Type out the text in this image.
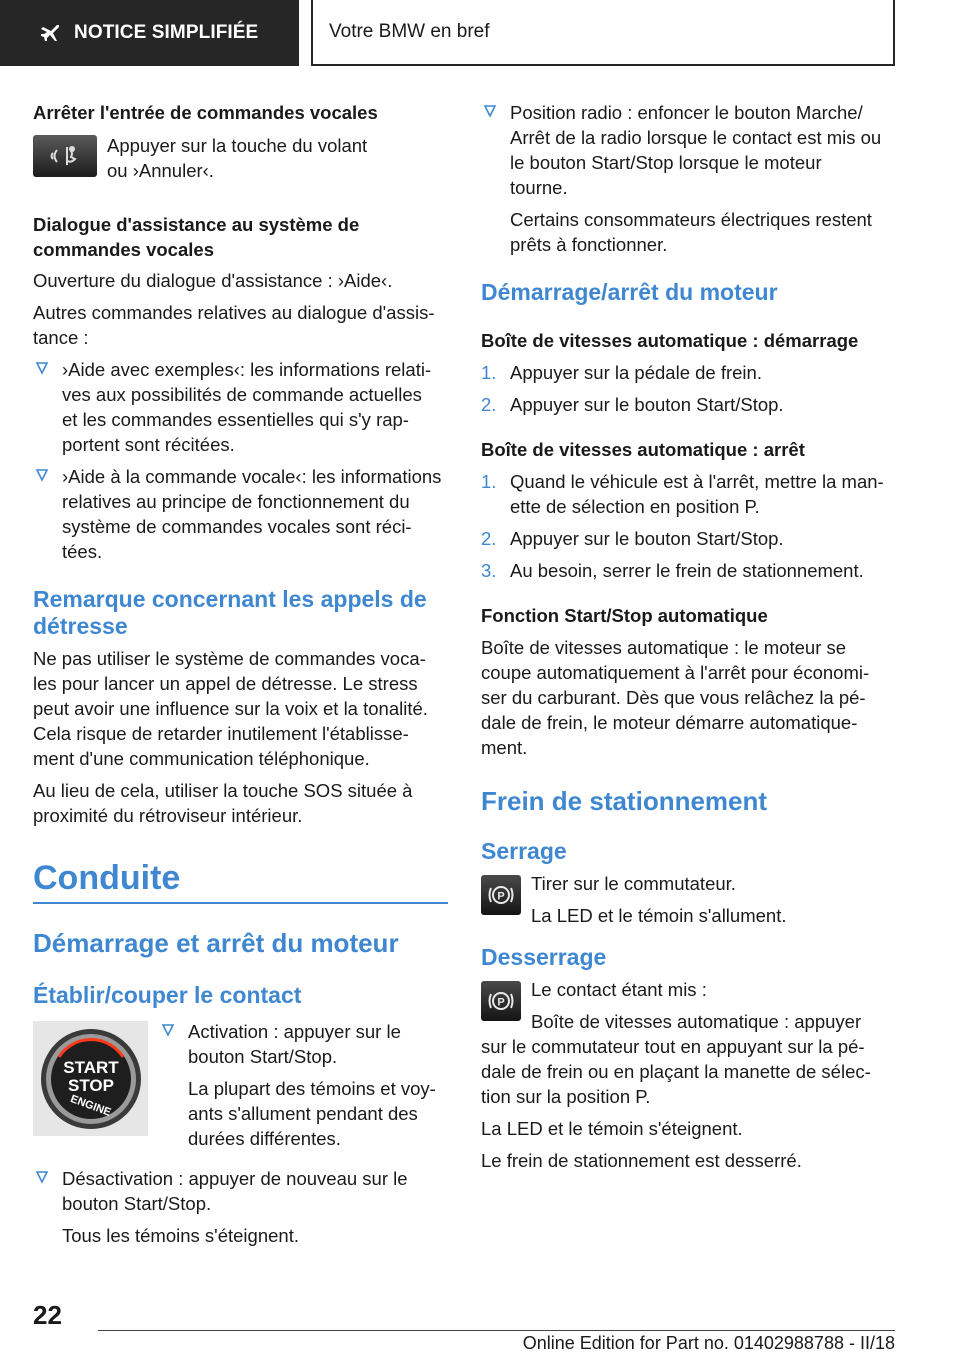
NOTICE SIMPLIFIÉE	Votre BMW en bref
Arrêter l'entrée de commandes vocales

Appuyer sur la touche du volant

ou ›Annuler‹.

Dialogue d'assistance au système de
commandes vocales

Ouverture du dialogue d'assistance : ›Aide‹.

Autres commandes relatives au dialogue d'assis-
tance :

›Aide avec exemples‹: les informations relati-
ves aux possibilités de commande actuelles
et les commandes essentielles qui s'y rap-
portent sont récitées.
›Aide à la commande vocale‹: les informations
relatives au principe de fonctionnement du
système de commandes vocales sont réci-
tées.
Remarque concernant les appels de
détresse

Ne pas utiliser le système de commandes voca-
les pour lancer un appel de détresse. Le stress
peut avoir une influence sur la voix et la tonalité.
Cela risque de retarder inutilement l'établisse-
ment d'une communication téléphonique.

Au lieu de cela, utiliser la touche SOS située à
proximité du rétroviseur intérieur.

Conduite
Démarrage et arrêt du moteur
Établir/couper le contact
START
STOP
ENGINE

Activation : appuyer sur le
bouton Start/Stop.

La plupart des témoins et voy-
ants s'allument pendant des
durées différentes.

Désactivation : appuyer de nouveau sur le
bouton Start/Stop.

Tous les témoins s'éteignent.

Position radio : enfoncer le bouton Marche/
Arrêt de la radio lorsque le contact est mis ou
le bouton Start/Stop lorsque le moteur
tourne.

Certains consommateurs électriques restent
prêts à fonctionner.

Démarrage/arrêt du moteur
Boîte de vitesses automatique : démarrage
1. Appuyer sur la pédale de frein.
2. Appuyer sur le bouton Start/Stop.
Boîte de vitesses automatique : arrêt
1. Quand le véhicule est à l'arrêt, mettre la man-
ette de sélection en position P.
2. Appuyer sur le bouton Start/Stop.
3. Au besoin, serrer le frein de stationnement.
Fonction Start/Stop automatique

Boîte de vitesses automatique : le moteur se
coupe automatiquement à l'arrêt pour économi-
ser du carburant. Dès que vous relâchez la pé-
dale de frein, le moteur démarre automatique-
ment.

Frein de stationnement
Serrage
P

Tirer sur le commutateur.

La LED et le témoin s'allument.

Desserrage
P

Le contact étant mis :

Boîte de vitesses automatique : appuyer

sur le commutateur tout en appuyant sur la pé-
dale de frein ou en plaçant la manette de sélec-
tion sur la position P.

La LED et le témoin s'éteignent.

Le frein de stationnement est desserré.

22
Online Edition for Part no. 01402988788 - II/18
